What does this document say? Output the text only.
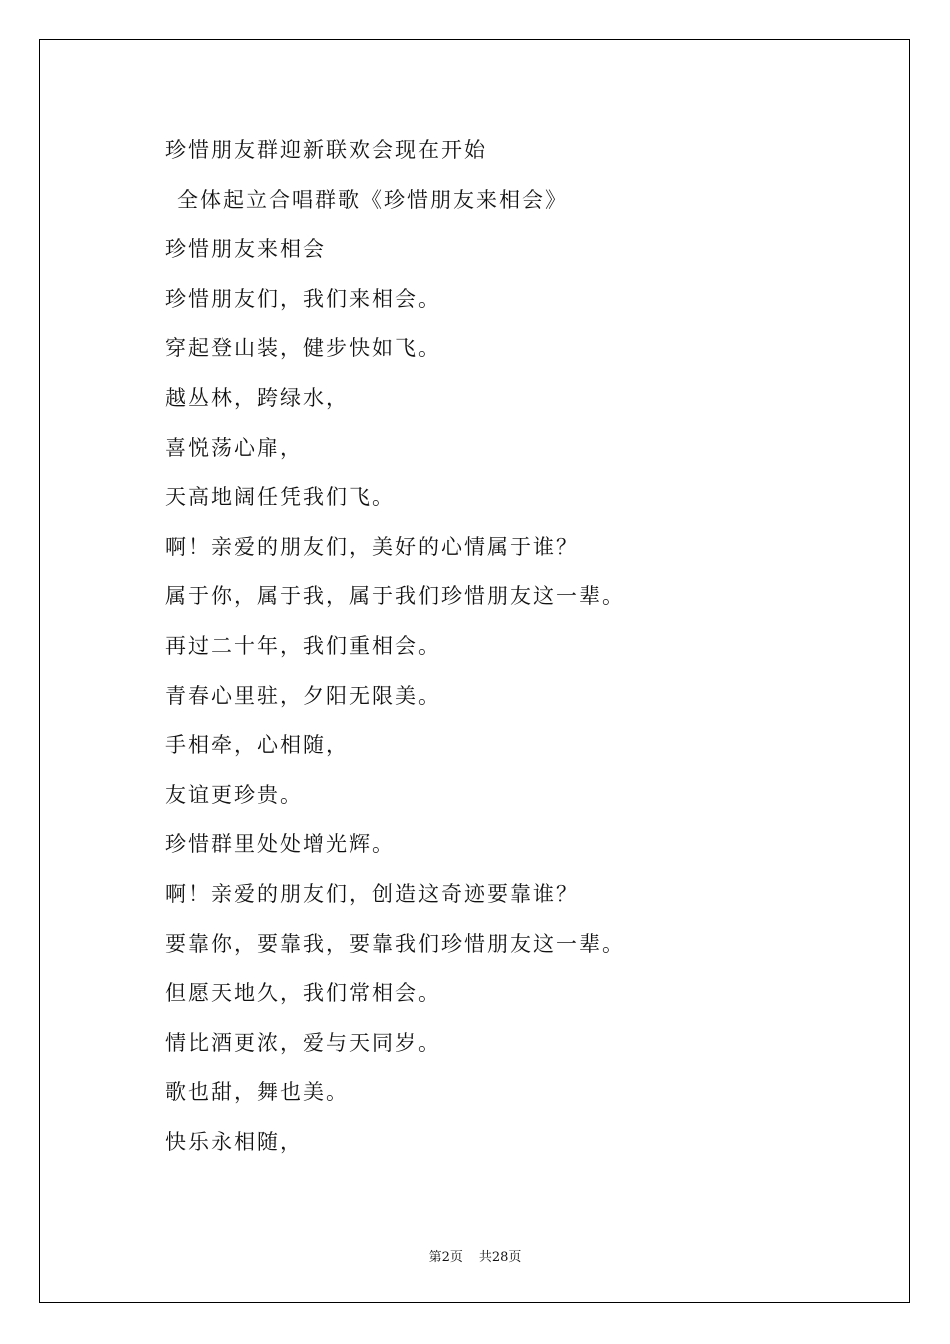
珍惜朋友群迎新联欢会现在开始
全体起立合唱群歌《珍惜朋友来相会》
珍惜朋友来相会
珍惜朋友们，我们来相会。
穿起登山装，健步快如飞。
越丛林，跨绿水，
喜悦荡心扉，
天高地阔任凭我们飞。
啊！亲爱的朋友们，美好的心情属于谁？
属于你，属于我，属于我们珍惜朋友这一辈。
再过二十年，我们重相会。
青春心里驻，夕阳无限美。
手相牵，心相随，
友谊更珍贵。
珍惜群里处处增光辉。
啊！亲爱的朋友们，创造这奇迹要靠谁？
要靠你，要靠我，要靠我们珍惜朋友这一辈。
但愿天地久，我们常相会。
情比酒更浓，爱与天同岁。
歌也甜，舞也美。
快乐永相随，
第2页 共28页
